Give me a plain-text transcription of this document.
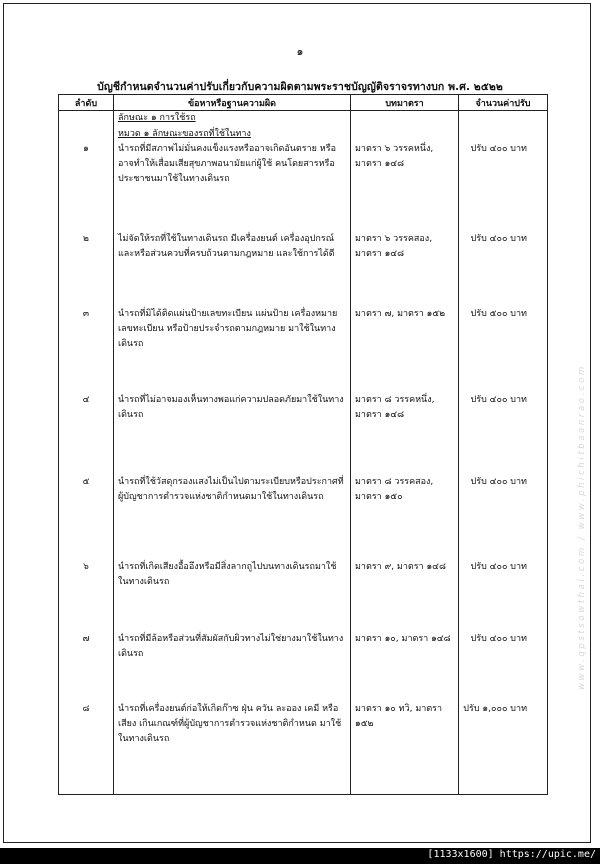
๑
บัญชีกำหนดจำนวนค่าปรับเกี่ยวกับความผิดตามพระราชบัญญัติจราจรทางบก พ.ศ. ๒๕๒๒
ลำดับ	ข้อหาหรือฐานความผิด	บทมาตรา	จำนวนค่าปรับ
	ลักษณะ ๑ การใช้รถ		
	หมวด ๑ ลักษณะของรถที่ใช้ในทาง		
๑	นำรถที่มีสภาพไม่มั่นคงแข็งแรงหรืออาจเกิดอันตราย หรืออาจทำให้เสื่อมเสียสุขภาพอนามัยแก่ผู้ใช้ คนโดยสารหรือประชาชนมาใช้ในทางเดินรถ	มาตรา ๖ วรรคหนึ่ง, มาตรา ๑๔๘	ปรับ ๔๐๐ บาท
๒	ไม่จัดให้รถที่ใช้ในทางเดินรถ มีเครื่องยนต์ เครื่องอุปกรณ์ และหรือส่วนควบที่ครบถ้วนตามกฎหมาย และใช้การได้ดี	มาตรา ๖ วรรคสอง, มาตรา ๑๔๘	ปรับ ๔๐๐ บาท
๓	นำรถที่มิได้ติดแผ่นป้ายเลขทะเบียน แผ่นป้าย เครื่องหมายเลขทะเบียน หรือป้ายประจำรถตามกฎหมาย มาใช้ในทางเดินรถ	มาตรา ๗, มาตรา ๑๕๒	ปรับ ๕๐๐ บาท
๔	นำรถที่ไม่อาจมองเห็นทางพอแก่ความปลอดภัยมาใช้ในทางเดินรถ	มาตรา ๘ วรรคหนึ่ง, มาตรา ๑๔๘	ปรับ ๔๐๐ บาท
๕	นำรถที่ใช้วัสดุกรองแสงไม่เป็นไปตามระเบียบหรือประกาศที่ผู้บัญชาการตำรวจแห่งชาติกำหนดมาใช้ในทางเดินรถ	มาตรา ๘ วรรคสอง, มาตรา ๑๕๐	ปรับ ๔๐๐ บาท
๖	นำรถที่เกิดเสียงอื้ออึงหรือมีสิ่งลากถูไปบนทางเดินรถมาใช้ในทางเดินรถ	มาตรา ๙, มาตรา ๑๔๘	ปรับ ๔๐๐ บาท
๗	นำรถที่มีล้อหรือส่วนที่สัมผัสกับผิวทางไม่ใช่ยางมาใช้ในทางเดินรถ	มาตรา ๑๐, มาตรา ๑๔๘	ปรับ ๔๐๐ บาท
๘	นำรถที่เครื่องยนต์ก่อให้เกิดก๊าซ ฝุ่น ควัน ละออง เคมี หรือเสียง เกินเกณฑ์ที่ผู้บัญชาการตำรวจแห่งชาติกำหนด มาใช้ในทางเดินรถ	มาตรา ๑๐ ทวิ, มาตรา ๑๕๒	ปรับ ๑,๐๐๐ บาท
www.qpstsowthai.com / www.phichitbaanrao.com
[1133x1600] https://upic.me/
